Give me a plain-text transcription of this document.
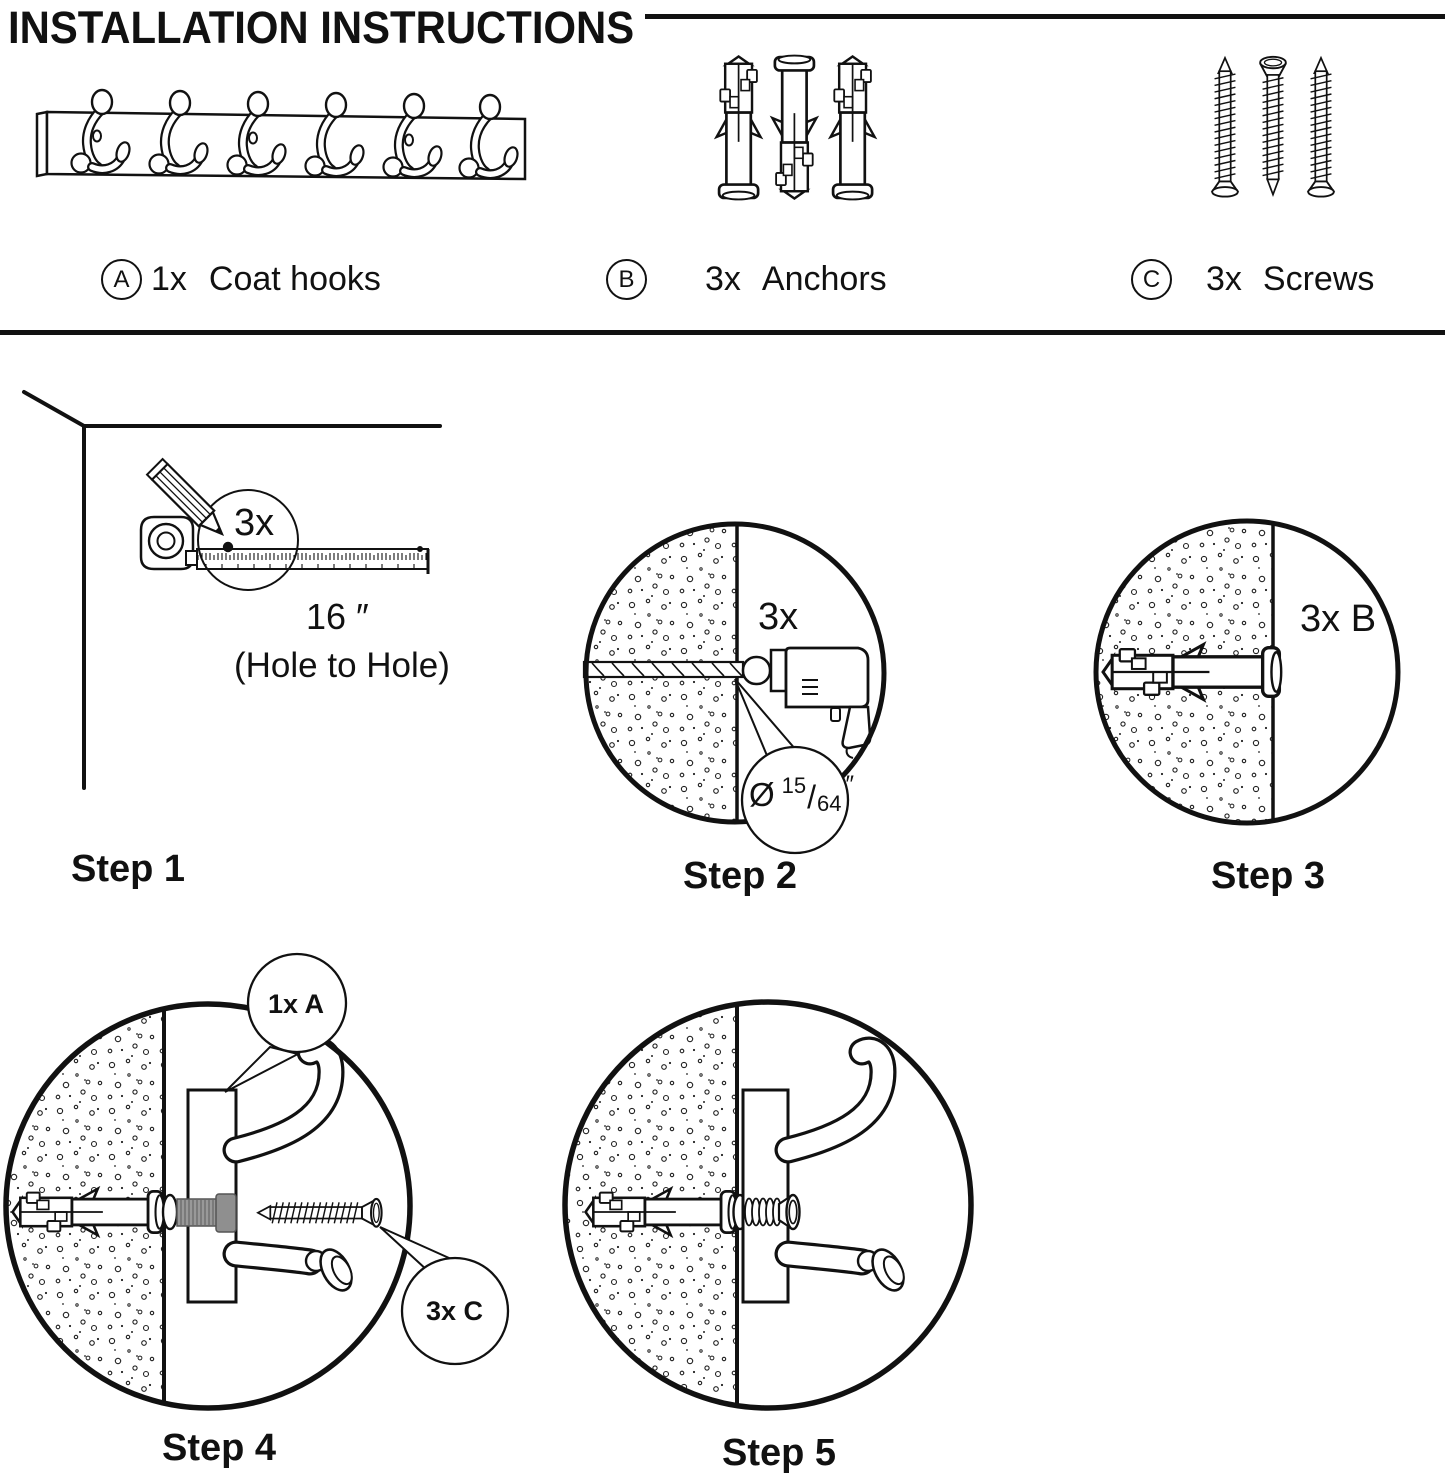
INSTALLATION INSTRUCTIONS
A 1x Coat hooks	B	3x Anchors	C	3x Screws
3x
16 ″
(Hole to Hole)
Step 1
3x
Ø 15 / 64
″
Step 2
3x B
Step 3
1x A
3x C
Step 4	Step 5
